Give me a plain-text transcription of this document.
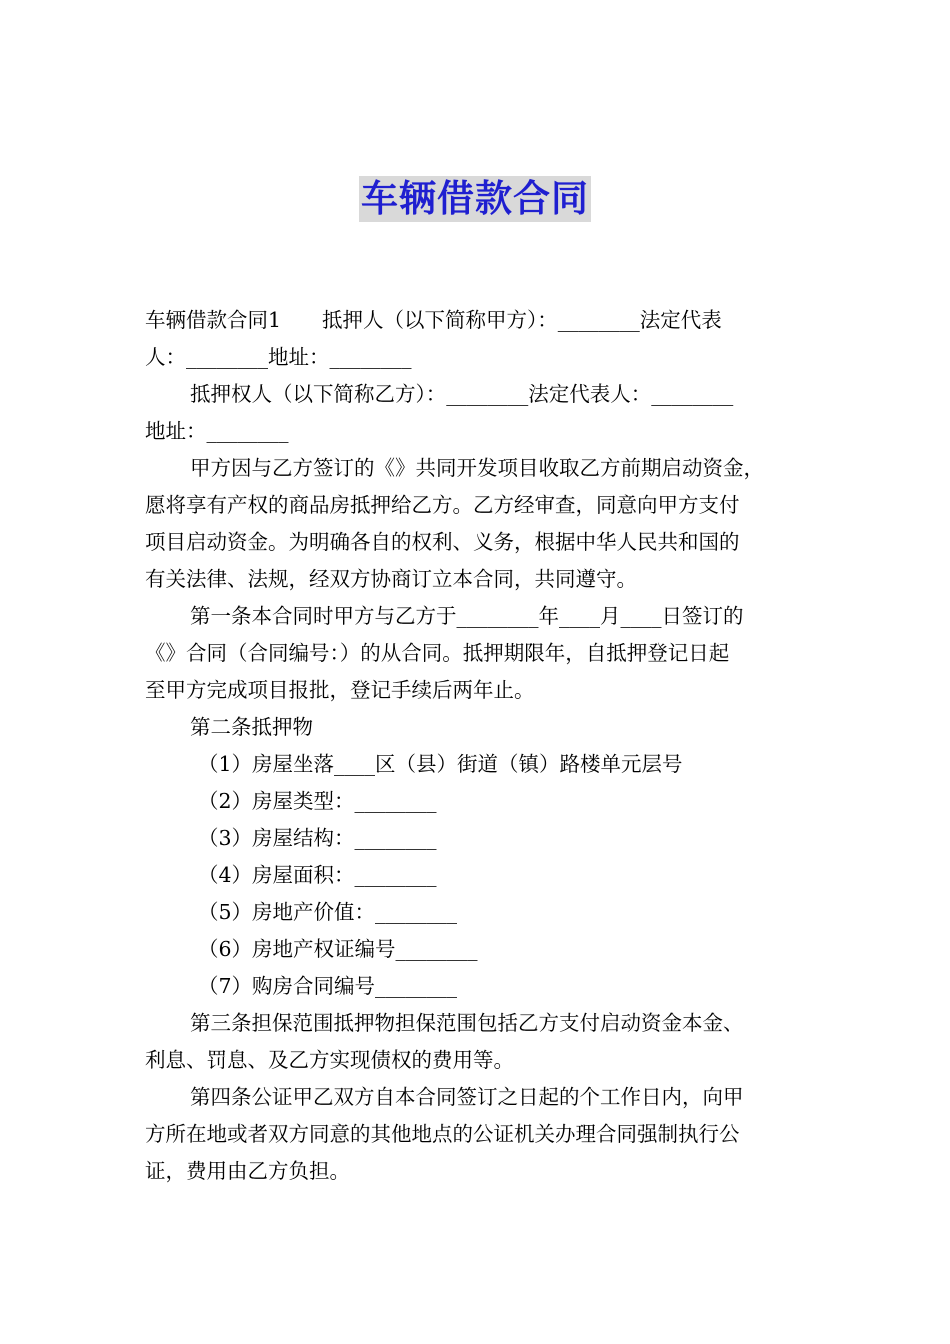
车辆借款合同
车辆借款合同1　　抵押人（以下简称甲方）：________法定代表
人：________地址：________
抵押权人（以下简称乙方）：________法定代表人：________
地址：________
甲方因与乙方签订的《》共同开发项目收取乙方前期启动资金，
愿将享有产权的商品房抵押给乙方。乙方经审查，同意向甲方支付
项目启动资金。为明确各自的权利、义务，根据中华人民共和国的
有关法律、法规，经双方协商订立本合同，共同遵守。
第一条本合同时甲方与乙方于________年____月____日签订的
《》合同（合同编号：）的从合同。抵押期限年，自抵押登记日起
至甲方完成项目报批，登记手续后两年止。
第二条抵押物
（1）房屋坐落____区（县）街道（镇）路楼单元层号
（2）房屋类型：________
（3）房屋结构：________
（4）房屋面积：________
（5）房地产价值：________
（6）房地产权证编号________
（7）购房合同编号________
第三条担保范围抵押物担保范围包括乙方支付启动资金本金、
利息、罚息、及乙方实现债权的费用等。
第四条公证甲乙双方自本合同签订之日起的个工作日内，向甲
方所在地或者双方同意的其他地点的公证机关办理合同强制执行公
证，费用由乙方负担。
